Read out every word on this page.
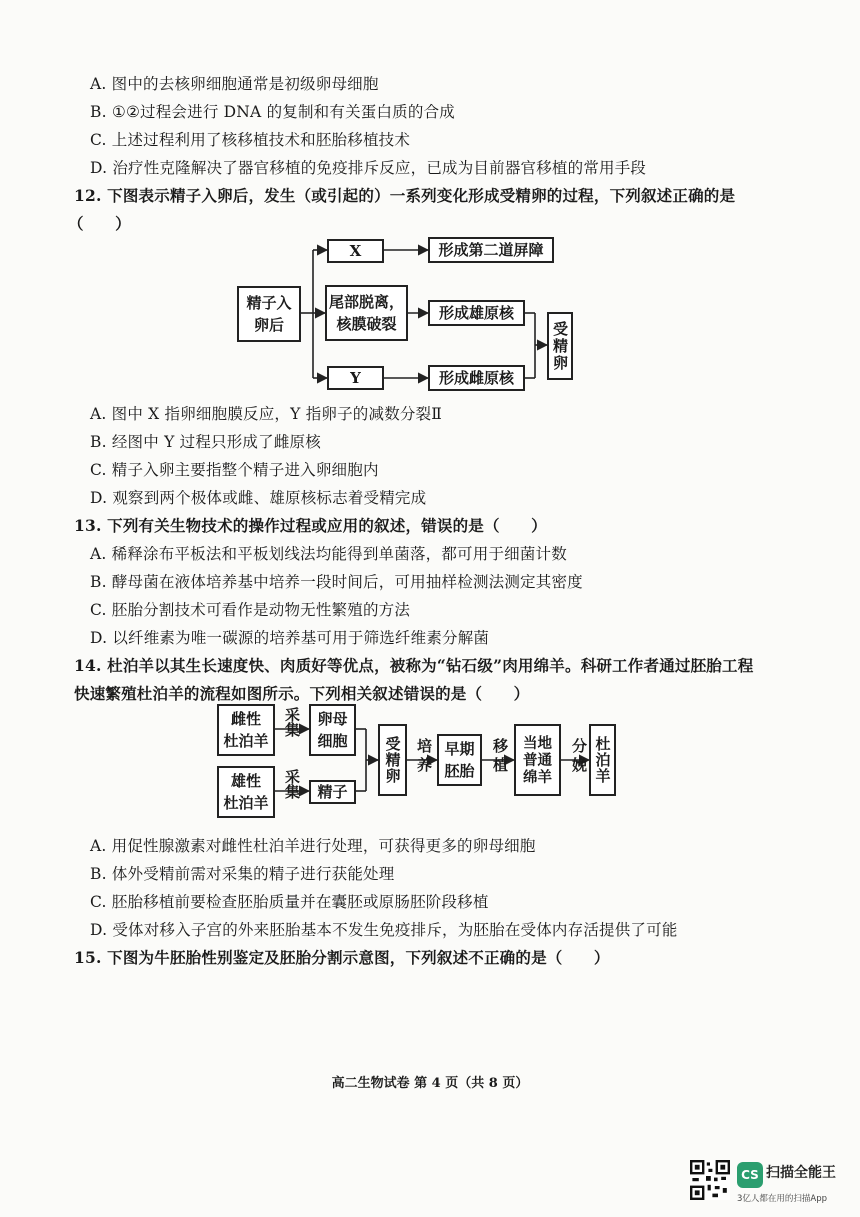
A. 图中的去核卵细胞通常是初级卵母细胞
B. ①②过程会进行 DNA 的复制和有关蛋白质的合成
C. 上述过程利用了核移植技术和胚胎移植技术
D. 治疗性克隆解决了器官移植的免疫排斥反应，已成为目前器官移植的常用手段
12. 下图表示精子入卵后，发生（或引起的）一系列变化形成受精卵的过程，下列叙述正确的是
（　　）
精子入
卵后
X
尾部脱离，
核膜破裂
Y
形成第二道屏障
形成雄原核
形成雌原核
受精卵
A. 图中 X 指卵细胞膜反应，Y 指卵子的减数分裂Ⅱ
B. 经图中 Y 过程只形成了雌原核
C. 精子入卵主要指整个精子进入卵细胞内
D. 观察到两个极体或雌、雄原核标志着受精完成
13. 下列有关生物技术的操作过程或应用的叙述，错误的是（　　）
A. 稀释涂布平板法和平板划线法均能得到单菌落，都可用于细菌计数
B. 酵母菌在液体培养基中培养一段时间后，可用抽样检测法测定其密度
C. 胚胎分割技术可看作是动物无性繁殖的方法
D. 以纤维素为唯一碳源的培养基可用于筛选纤维素分解菌
14. 杜泊羊以其生长速度快、肉质好等优点，被称为“钻石级”肉用绵羊。科研工作者通过胚胎工程
快速繁殖杜泊羊的流程如图所示。下列相关叙述错误的是（　　）
雌性
杜泊羊
雄性
杜泊羊
采集
采集
卵母
细胞
精子
受精卵 培养 早期
胚胎 移植 当地普通绵羊
分娩 杜泊羊
A. 用促性腺激素对雌性杜泊羊进行处理，可获得更多的卵母细胞
B. 体外受精前需对采集的精子进行获能处理
C. 胚胎移植前要检查胚胎质量并在囊胚或原肠胚阶段移植
D. 受体对移入子宫的外来胚胎基本不发生免疫排斥，为胚胎在受体内存活提供了可能
15. 下图为牛胚胎性别鉴定及胚胎分割示意图，下列叙述不正确的是（　　）
高二生物试卷 第 4 页（共 8 页）
CS 扫描全能王
3亿人都在用的扫描App
